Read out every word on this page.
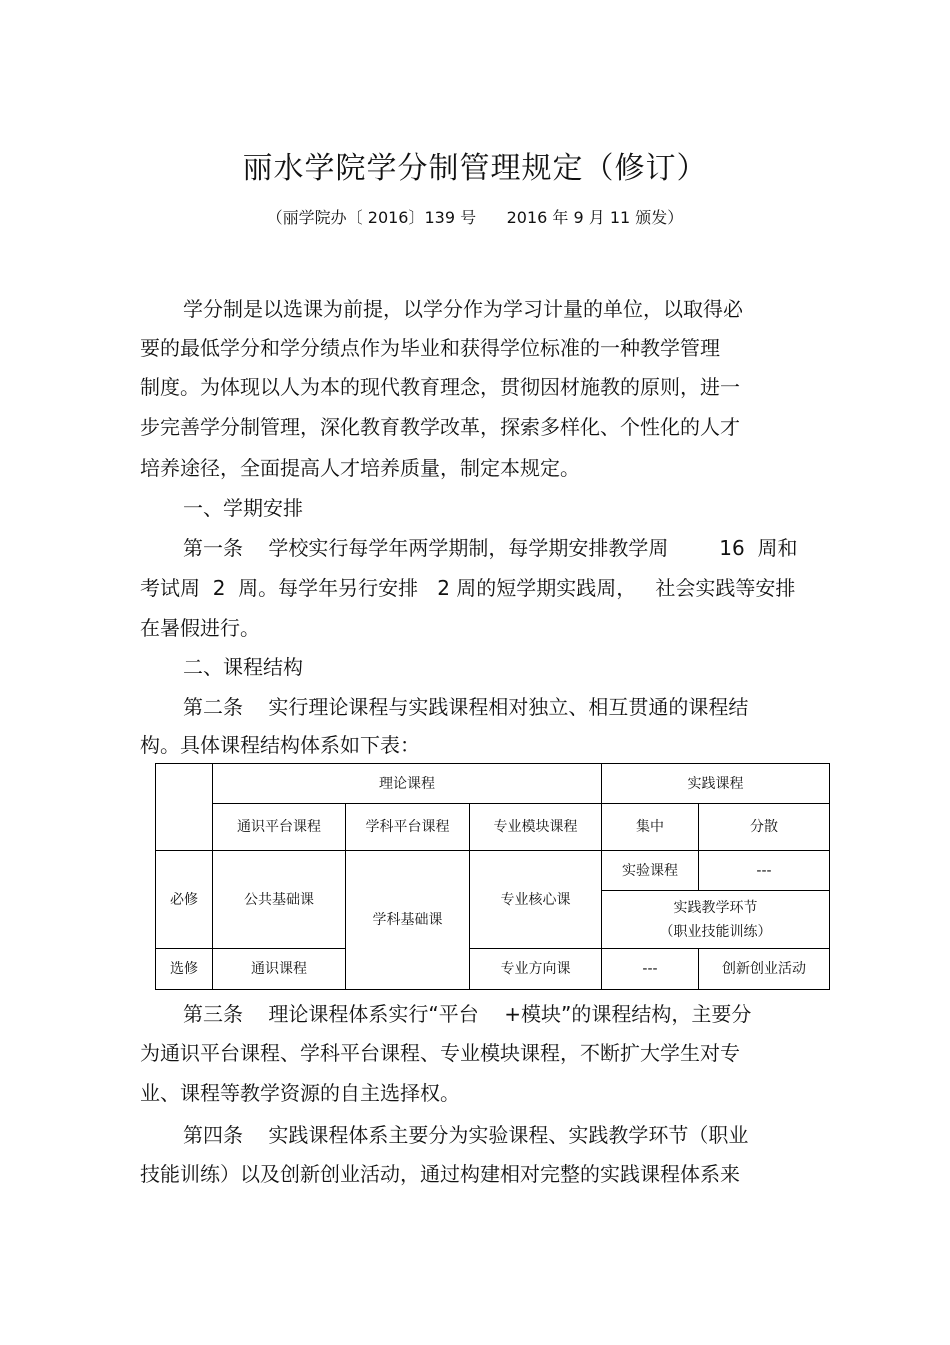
丽水学院学分制管理规定（修订）
（丽学院办〔 2016〕139 号      2016 年 9 月 11 颁发）
学分制是以选课为前提，以学分作为学习计量的单位，以取得必
要的最低学分和学分绩点作为毕业和获得学位标准的一种教学管理
制度。为体现以人为本的现代教育理念，贯彻因材施教的原则，进一
步完善学分制管理，深化教育教学改革，探索多样化、个性化的人才
培养途径，全面提高人才培养质量，制定本规定。
一、学期安排
第一条    学校实行每学年两学期制，每学期安排教学周        16  周和
考试周  2  周。每学年另行安排   2 周的短学期实践周，   社会实践等安排
在暑假进行。
二、课程结构
第二条    实行理论课程与实践课程相对独立、相互贯通的课程结
构。具体课程结构体系如下表：
	理论课程			实践课程	
	通识平台课程	学科平台课程	专业模块课程	集中	分散
必修	公共基础课	学科基础课	专业核心课	实验课程	---

				实践教学环节
（职业技能训练）	

选修	通识课程		专业方向课	---	创新创业活动
第三条    理论课程体系实行“平台    +模块”的课程结构，主要分
为通识平台课程、学科平台课程、专业模块课程，不断扩大学生对专
业、课程等教学资源的自主选择权。
第四条    实践课程体系主要分为实验课程、实践教学环节（职业
技能训练）以及创新创业活动，通过构建相对完整的实践课程体系来
